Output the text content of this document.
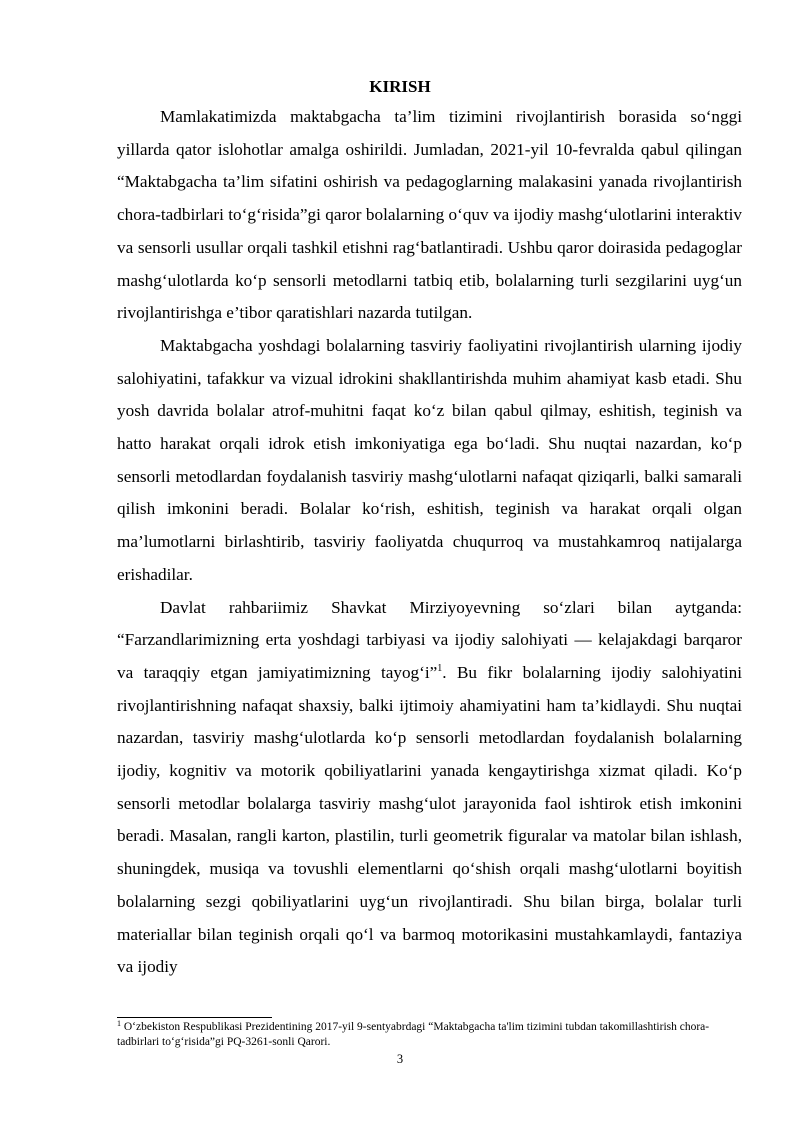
KIRISH

Mamlakatimizda maktabgacha ta’lim tizimini rivojlantirish borasida so‘nggi yillarda qator islohotlar amalga oshirildi. Jumladan, 2021-yil 10-fevralda qabul qilingan “Maktabgacha ta’lim sifatini oshirish va pedagoglarning malakasini yanada rivojlantirish chora-tadbirlari to‘g‘risida”gi qaror bolalarning o‘quv va ijodiy mashg‘ulotlarini interaktiv va sensorli usullar orqali tashkil etishni rag‘batlantiradi. Ushbu qaror doirasida pedagoglar mashg‘ulotlarda ko‘p sensorli metodlarni tatbiq etib, bolalarning turli sezgilarini uyg‘un rivojlantirishga e’tibor qaratishlari nazarda tutilgan.

Maktabgacha yoshdagi bolalarning tasviriy faoliyatini rivojlantirish ularning ijodiy salohiyatini, tafakkur va vizual idrokini shakllantirishda muhim ahamiyat kasb etadi. Shu yosh davrida bolalar atrof-muhitni faqat ko‘z bilan qabul qilmay, eshitish, teginish va hatto harakat orqali idrok etish imkoniyatiga ega bo‘ladi. Shu nuqtai nazardan, ko‘p sensorli metodlardan foydalanish tasviriy mashg‘ulotlarni nafaqat qiziqarli, balki samarali qilish imkonini beradi. Bolalar ko‘rish, eshitish, teginish va harakat orqali olgan ma’lumotlarni birlashtirib, tasviriy faoliyatda chuqurroq va mustahkamroq natijalarga erishadilar.

Davlat rahbariimiz Shavkat Mirziyoyevning so‘zlari bilan aytganda: “Farzandlarimizning erta yoshdagi tarbiyasi va ijodiy salohiyati — kelajakdagi barqaror va taraqqiy etgan jamiyatimizning tayog‘i”$^1$. Bu fikr bolalarning ijodiy salohiyatini rivojlantirishning nafaqat shaxsiy, balki ijtimoiy ahamiyatini ham ta’kidlaydi. Shu nuqtai nazardan, tasviriy mashg‘ulotlarda ko‘p sensorli metodlardan foydalanish bolalarning ijodiy, kognitiv va motorik qobiliyatlarini yanada kengaytirishga xizmat qiladi. Ko‘p sensorli metodlar bolalarga tasviriy mashg‘ulot jarayonida faol ishtirok etish imkonini beradi. Masalan, rangli karton, plastilin, turli geometrik figuralar va matolar bilan ishlash, shuningdek, musiqa va tovushli elementlarni qo‘shish orqali mashg‘ulotlarni boyitish bolalarning sezgi qobiliyatlarini uyg‘un rivojlantiradi. Shu bilan birga, bolalar turli materiallar bilan teginish orqali qo‘l va barmoq motorikasini mustahkamlaydi, fantaziya va ijodiy

$^1$ O‘zbekiston Respublikasi Prezidentining 2017-yil 9-sentyabrdagi “Maktabgacha ta'lim tizimini tubdan takomillashtirish chora-tadbirlari to‘g‘risida”gi PQ-3261-sonli Qarori.
3
